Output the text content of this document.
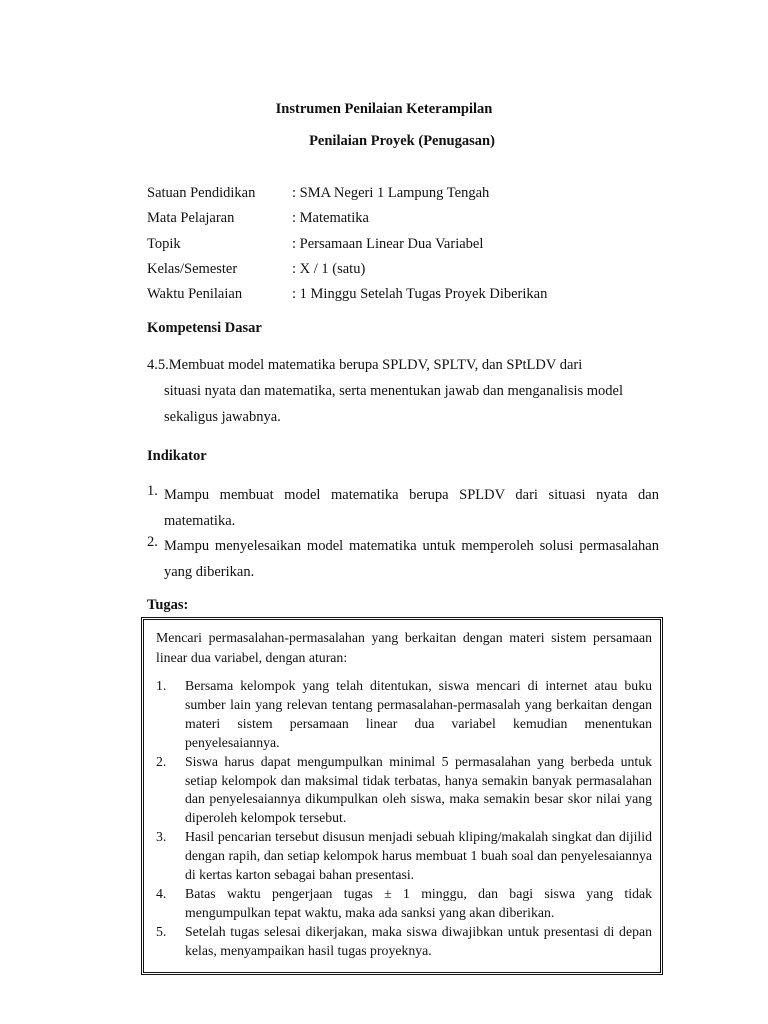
Instrumen Penilaian Keterampilan
Penilaian Proyek (Penugasan)
Satuan Pendidikan	: SMA Negeri 1 Lampung Tengah
Mata Pelajaran	: Matematika
Topik	: Persamaan Linear Dua Variabel
Kelas/Semester	: X / 1 (satu)
Waktu Penilaian	: 1 Minggu Setelah Tugas Proyek Diberikan
Kompetensi Dasar
4.5.Membuat model matematika berupa SPLDV, SPLTV, dan SPtLDV dari
situasi nyata dan matematika, serta menentukan jawab dan menganalisis model
sekaligus jawabnya.
Indikator
1. Mampu membuat model matematika berupa SPLDV dari situasi nyata dan matematika.
2. Mampu menyelesaikan model matematika untuk memperoleh solusi permasalahan yang diberikan.
Tugas:
Mencari permasalahan-permasalahan yang berkaitan dengan materi sistem persamaan linear dua variabel, dengan aturan:
1.	Bersama kelompok yang telah ditentukan, siswa mencari di internet atau buku sumber lain yang relevan tentang permasalahan-permasalah yang berkaitan dengan materi sistem persamaan linear dua variabel kemudian menentukan penyelesaiannya.
2.	Siswa harus dapat mengumpulkan minimal 5 permasalahan yang berbeda untuk setiap kelompok dan maksimal tidak terbatas, hanya semakin banyak permasalahan dan penyelesaiannya dikumpulkan oleh siswa, maka semakin besar skor nilai yang diperoleh kelompok tersebut.
3.	Hasil pencarian tersebut disusun menjadi sebuah kliping/makalah singkat dan dijilid dengan rapih, dan setiap kelompok harus membuat 1 buah soal dan penyelesaiannya di kertas karton sebagai bahan presentasi.
4.	Batas waktu pengerjaan tugas ± 1 minggu, dan bagi siswa yang tidak mengumpulkan tepat waktu, maka ada sanksi yang akan diberikan.
5.	Setelah tugas selesai dikerjakan, maka siswa diwajibkan untuk presentasi di depan kelas, menyampaikan hasil tugas proyeknya.
